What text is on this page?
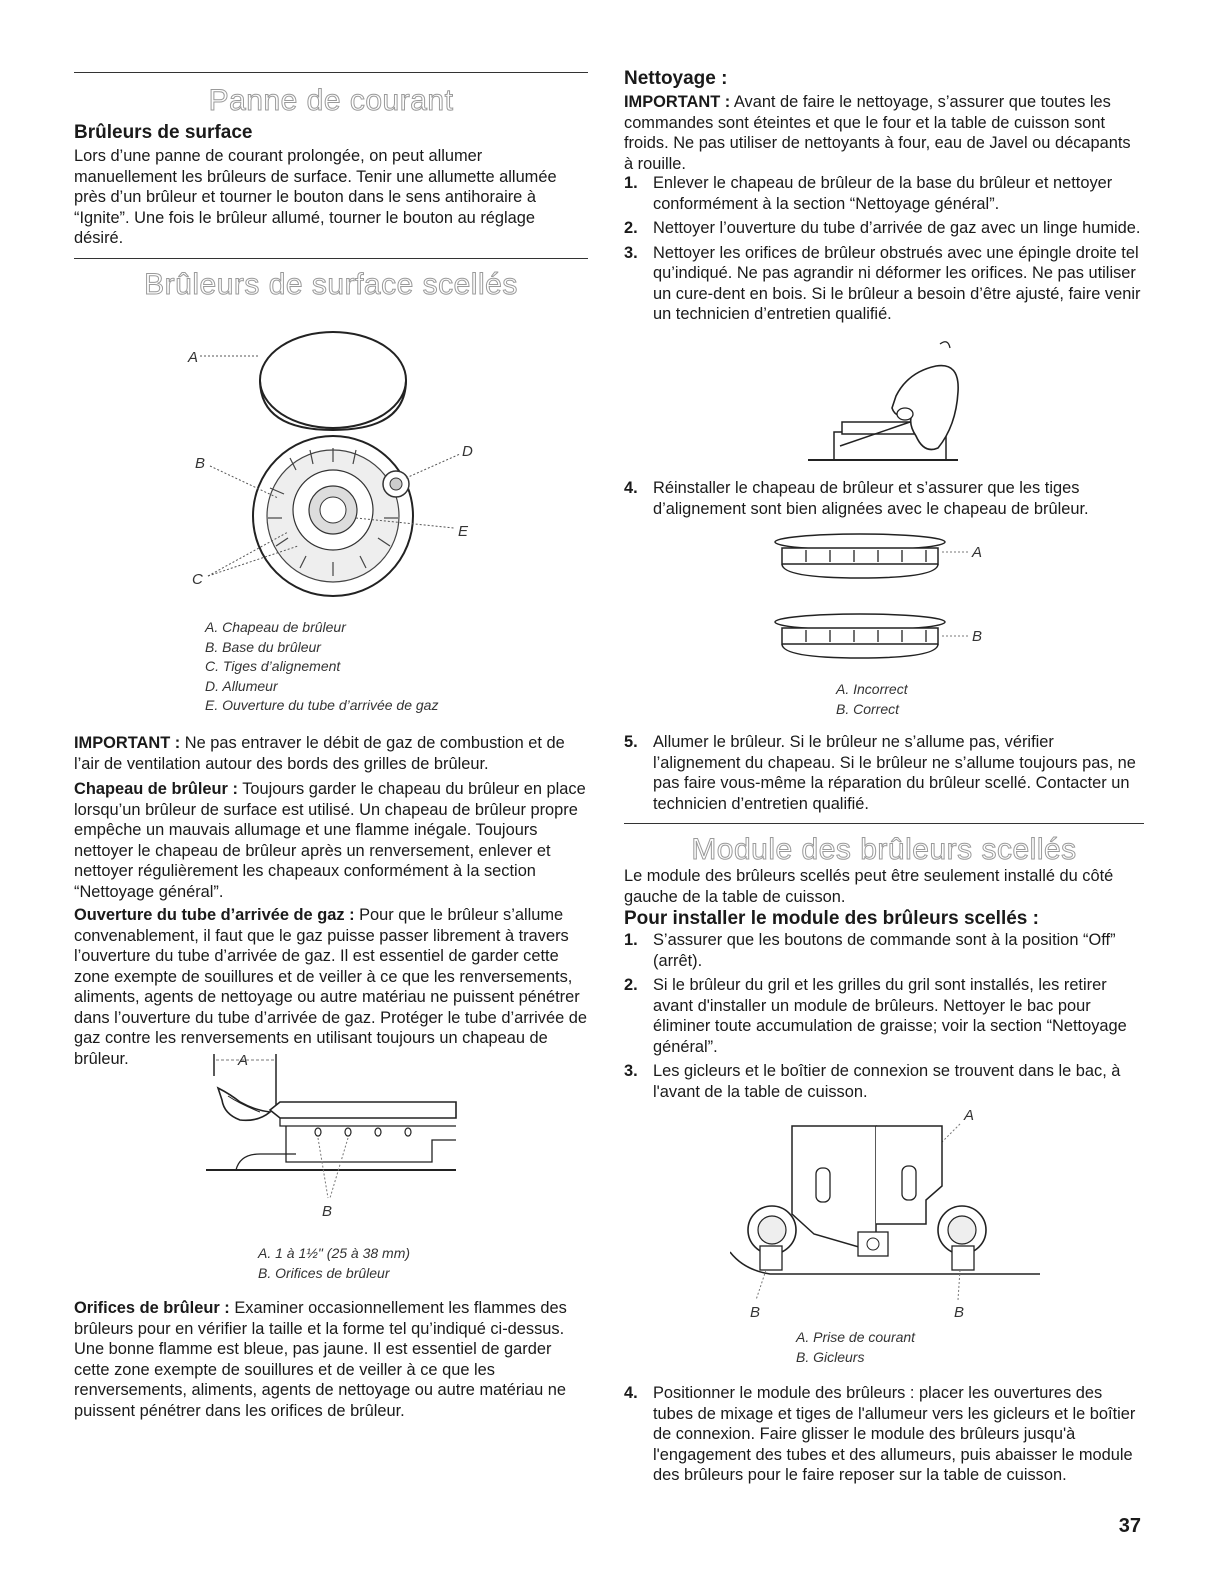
Panne de courant
Brûleurs de surface

Lors d’une panne de courant prolongée, on peut allumer manuellement les brûleurs de surface. Tenir une allumette allumée près d’un brûleur et tourner le bouton dans le sens antihoraire à “Ignite”. Une fois le brûleur allumé, tourner le bouton au réglage désiré.

Brûleurs de surface scellés
A
B
D
E
C
A. Chapeau de brûleur
B. Base du brûleur
C. Tiges d’alignement
D. Allumeur
E. Ouverture du tube d’arrivée de gaz

IMPORTANT : Ne pas entraver le débit de gaz de combustion et de l’air de ventilation autour des bords des grilles de brûleur.

Chapeau de brûleur : Toujours garder le chapeau du brûleur en place lorsqu’un brûleur de surface est utilisé. Un chapeau de brûleur propre empêche un mauvais allumage et une flamme inégale. Toujours nettoyer le chapeau de brûleur après un renversement, enlever et nettoyer régulièrement les chapeaux conformément à la section “Nettoyage général”.

Ouverture du tube d’arrivée de gaz : Pour que le brûleur s’allume convenablement, il faut que le gaz puisse passer librement à travers l’ouverture du tube d’arrivée de gaz. Il est essentiel de garder cette zone exempte de souillures et de veiller à ce que les renversements, aliments, agents de nettoyage ou autre matériau ne puissent pénétrer dans l’ouverture du tube d’arrivée de gaz. Protéger le tube d’arrivée de gaz contre les renversements en utilisant toujours un chapeau de brûleur.	A
B
A. 1 à 1½" (25 à 38 mm)
B. Orifices de brûleur

Orifices de brûleur : Examiner occasionnellement les flammes des brûleurs pour en vérifier la taille et la forme tel qu’indiqué ci-dessus. Une bonne flamme est bleue, pas jaune. Il est essentiel de garder cette zone exempte de souillures et de veiller à ce que les renversements, aliments, agents de nettoyage ou autre matériau ne puissent pénétrer dans les orifices de brûleur.

Nettoyage :

IMPORTANT : Avant de faire le nettoyage, s’assurer que toutes les commandes sont éteintes et que le four et la table de cuisson sont froids. Ne pas utiliser de nettoyants à four, eau de Javel ou décapants à rouille.

1. Enlever le chapeau de brûleur de la base du brûleur et nettoyer conformément à la section “Nettoyage général”.
2. Nettoyer l’ouverture du tube d’arrivée de gaz avec un linge humide.
3. Nettoyer les orifices de brûleur obstrués avec une épingle droite tel qu’indiqué. Ne pas agrandir ni déformer les orifices. Ne pas utiliser un cure-dent en bois. Si le brûleur a besoin d’être ajusté, faire venir un technicien d’entretien qualifié.
4. Réinstaller le chapeau de brûleur et s’assurer que les tiges d’alignement sont bien alignées avec le chapeau de brûleur.
A
B
A. Incorrect
B. Correct
5. Allumer le brûleur. Si le brûleur ne s’allume pas, vérifier l’alignement du chapeau. Si le brûleur ne s’allume toujours pas, ne pas faire vous-même la réparation du brûleur scellé. Contacter un technicien d’entretien qualifié.
Module des brûleurs scellés

Le module des brûleurs scellés peut être seulement installé du côté gauche de la table de cuisson.

Pour installer le module des brûleurs scellés :
1. S’assurer que les boutons de commande sont à la position “Off” (arrêt).
2. Si le brûleur du gril et les grilles du gril sont installés, les retirer avant d'installer un module de brûleurs. Nettoyer le bac pour éliminer toute accumulation de graisse; voir la section “Nettoyage général”.
3. Les gicleurs et le boîtier de connexion se trouvent dans le bac, à l'avant de la table de cuisson.
A
B	B
A. Prise de courant
B. Gicleurs
4. Positionner le module des brûleurs : placer les ouvertures des tubes de mixage et tiges de l'allumeur vers les gicleurs et le boîtier de connexion. Faire glisser le module des brûleurs jusqu'à l'engagement des tubes et des allumeurs, puis abaisser le module des brûleurs pour le faire reposer sur la table de cuisson.
37
